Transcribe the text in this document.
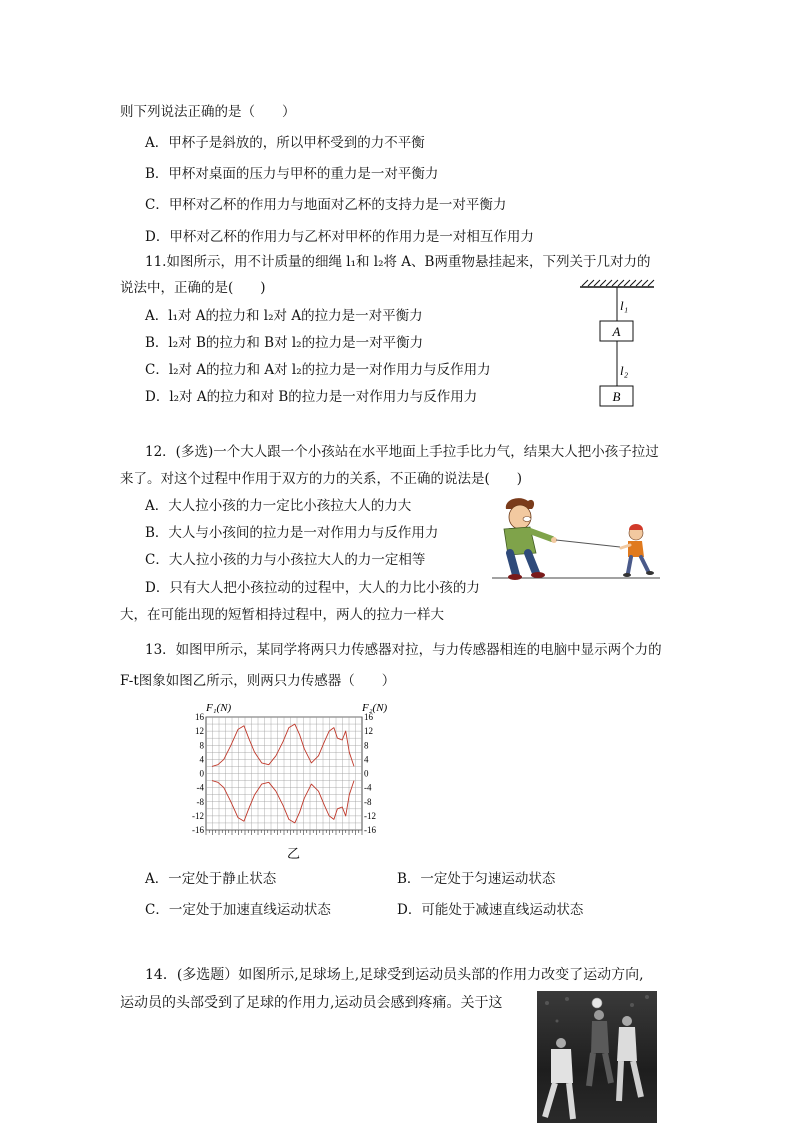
则下列说法正确的是（　　）
A．甲杯子是斜放的，所以甲杯受到的力不平衡
B．甲杯对桌面的压力与甲杯的重力是一对平衡力
C．甲杯对乙杯的作用力与地面对乙杯的支持力是一对平衡力
D．甲杯对乙杯的作用力与乙杯对甲杯的作用力是一对相互作用力
11.如图所示，用不计质量的细绳 l₁和 l₂将 A、B两重物悬挂起来，下列关于几对力的
说法中，正确的是(　　)
A．l₁对 A的拉力和 l₂对 A的拉力是一对平衡力
B．l₂对 B的拉力和 B对 l₂的拉力是一对平衡力
C．l₂对 A的拉力和 A对 l₂的拉力是一对作用力与反作用力
D．l₂对 A的拉力和对 B的拉力是一对作用力与反作用力
l₁
A
l₂
B
12．(多选)一个大人跟一个小孩站在水平地面上手拉手比力气，结果大人把小孩子拉过
来了。对这个过程中作用于双方的力的关系，不正确的说法是(　　)
A．大人拉小孩的力一定比小孩拉大人的力大
B．大人与小孩间的拉力是一对作用力与反作用力
C．大人拉小孩的力与小孩拉大人的力一定相等
D．只有大人把小孩拉动的过程中，大人的力比小孩的力
大，在可能出现的短暂相持过程中，两人的拉力一样大
13．如图甲所示，某同学将两只力传感器对拉，与力传感器相连的电脑中显示两个力的
F-t图象如图乙所示，则两只力传感器（　　）
16	16
12	12
8	8
4	4
0	0
-4	-4
-8	-8
-12	-12
-16	-16
F₁(N)	F₂(N)
乙
A．一定处于静止状态	B．一定处于匀速运动状态
C．一定处于加速直线运动状态	D．可能处于减速直线运动状态
14．(多选题）如图所示,足球场上,足球受到运动员头部的作用力改变了运动方向,
运动员的头部受到了足球的作用力,运动员会感到疼痛。关于这
